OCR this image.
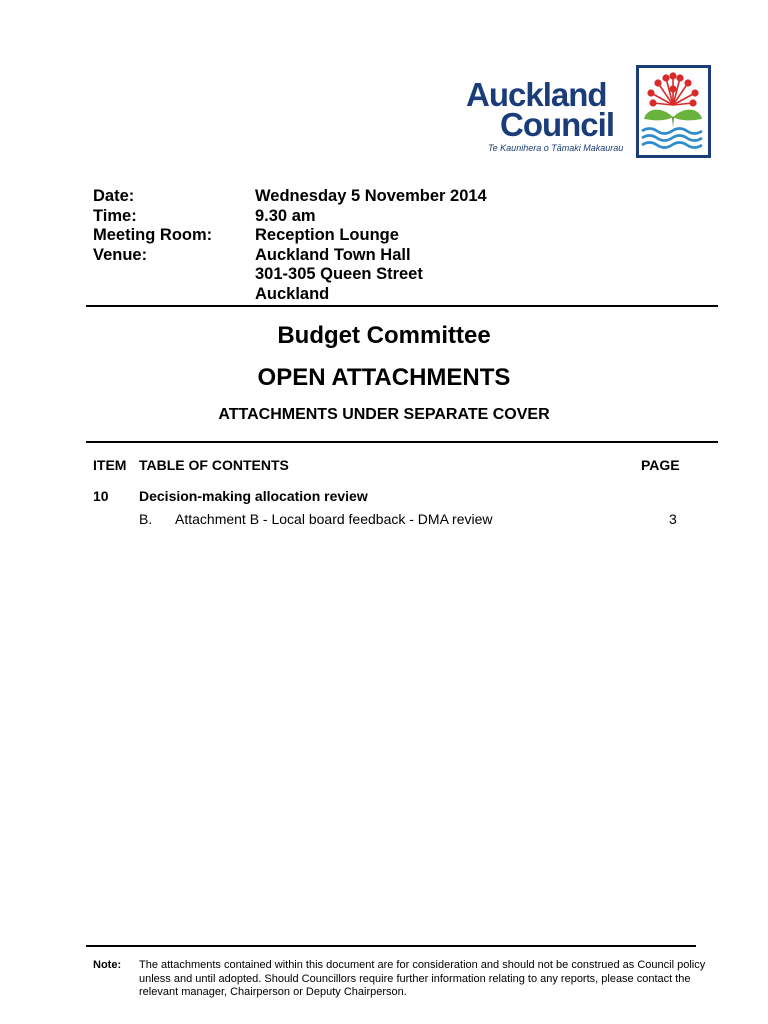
Auckland
Council
Te Kaunihera o Tāmaki Makaurau
Date:	Wednesday 5 November 2014
Time:	9.30 am
Meeting Room:	Reception Lounge
Venue:	Auckland Town Hall
301-305 Queen Street
Auckland
Budget Committee
OPEN ATTACHMENTS
ATTACHMENTS UNDER SEPARATE COVER
ITEM TABLE OF CONTENTS	PAGE
10 Decision-making allocation review
B. Attachment B - Local board feedback - DMA review	3
Note:	The attachments contained within this document are for consideration and should not be construed as Council policy unless and until adopted. Should Councillors require further information relating to any reports, please contact the relevant manager, Chairperson or Deputy Chairperson.
